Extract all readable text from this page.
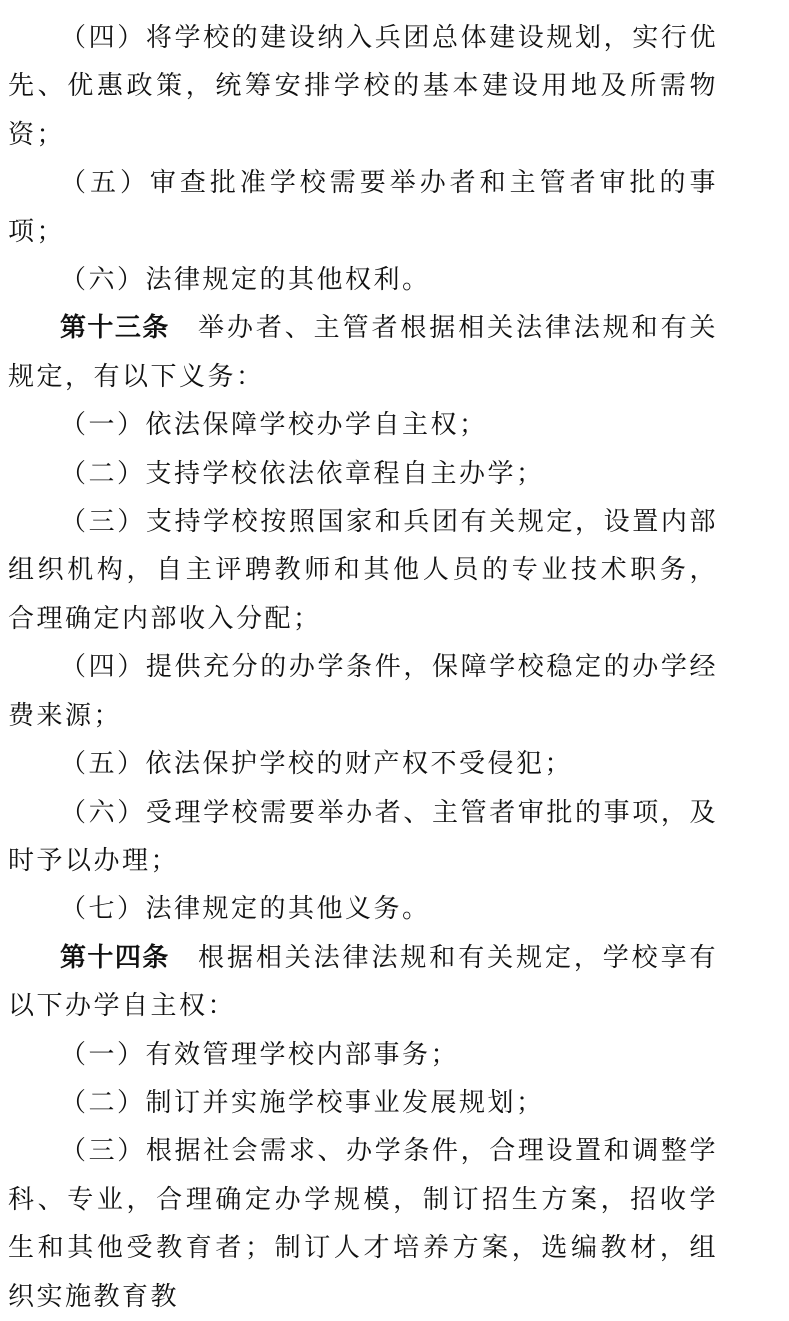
（四）将学校的建设纳入兵团总体建设规划，实行优先、优惠政策，统筹安排学校的基本建设用地及所需物资；

（五）审查批准学校需要举办者和主管者审批的事项；

（六）法律规定的其他权利。

第十三条 举办者、主管者根据相关法律法规和有关规定，有以下义务：

（一）依法保障学校办学自主权；

（二）支持学校依法依章程自主办学；

（三）支持学校按照国家和兵团有关规定，设置内部组织机构，自主评聘教师和其他人员的专业技术职务，合理确定内部收入分配；

（四）提供充分的办学条件，保障学校稳定的办学经费来源；

（五）依法保护学校的财产权不受侵犯；

（六）受理学校需要举办者、主管者审批的事项，及时予以办理；

（七）法律规定的其他义务。

第十四条 根据相关法律法规和有关规定，学校享有以下办学自主权：

（一）有效管理学校内部事务；

（二）制订并实施学校事业发展规划；

（三）根据社会需求、办学条件，合理设置和调整学科、专业，合理确定办学规模，制订招生方案，招收学生和其他受教育者；制订人才培养方案，选编教材，组织实施教育教
